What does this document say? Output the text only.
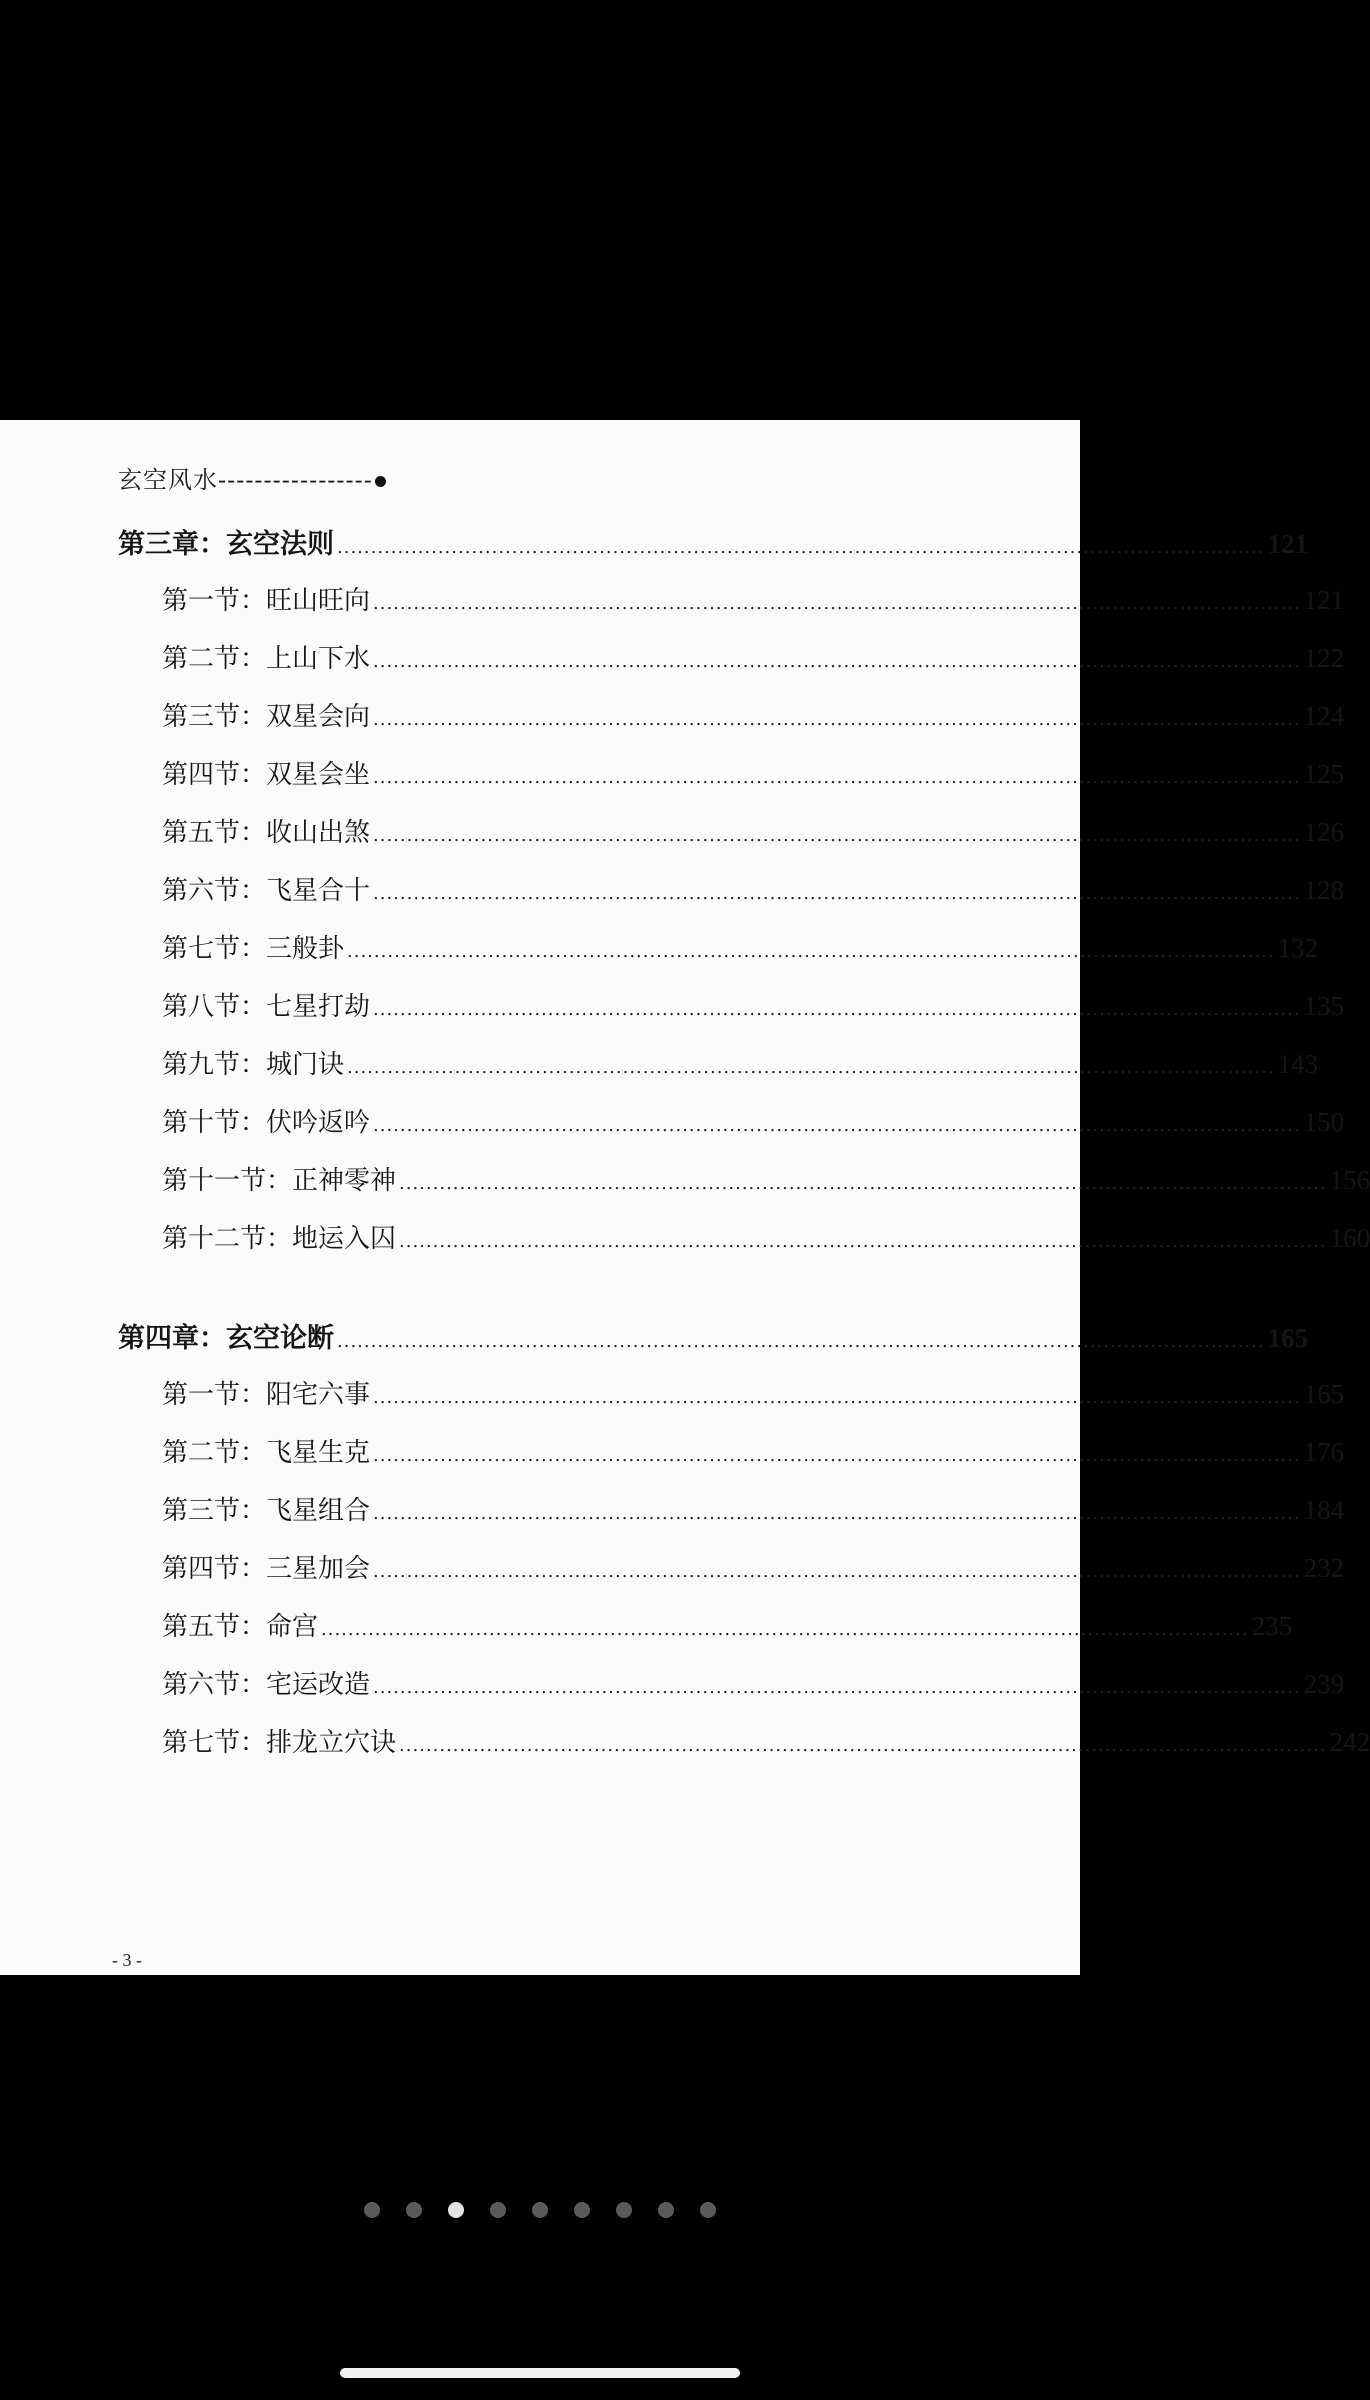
玄空风水-----------------
第三章：玄空法则 .......................................................................................................................................... 121
第一节：旺山旺向 .......................................................................................................................................... 121
第二节：上山下水 .......................................................................................................................................... 122
第三节：双星会向 .......................................................................................................................................... 124
第四节：双星会坐 .......................................................................................................................................... 125
第五节：收山出煞 .......................................................................................................................................... 126
第六节：飞星合十 .......................................................................................................................................... 128
第七节：三般卦 .......................................................................................................................................... 132
第八节：七星打劫 .......................................................................................................................................... 135
第九节：城门诀 .......................................................................................................................................... 143
第十节：伏吟返吟 .......................................................................................................................................... 150
第十一节：正神零神 .......................................................................................................................................... 156
第十二节：地运入囚 .......................................................................................................................................... 160
第四章：玄空论断 .......................................................................................................................................... 165
第一节：阳宅六事 .......................................................................................................................................... 165
第二节：飞星生克 .......................................................................................................................................... 176
第三节：飞星组合 .......................................................................................................................................... 184
第四节：三星加会 .......................................................................................................................................... 232
第五节：命宫 .......................................................................................................................................... 235
第六节：宅运改造 .......................................................................................................................................... 239
第七节：排龙立穴诀 .......................................................................................................................................... 242
- 3 -
